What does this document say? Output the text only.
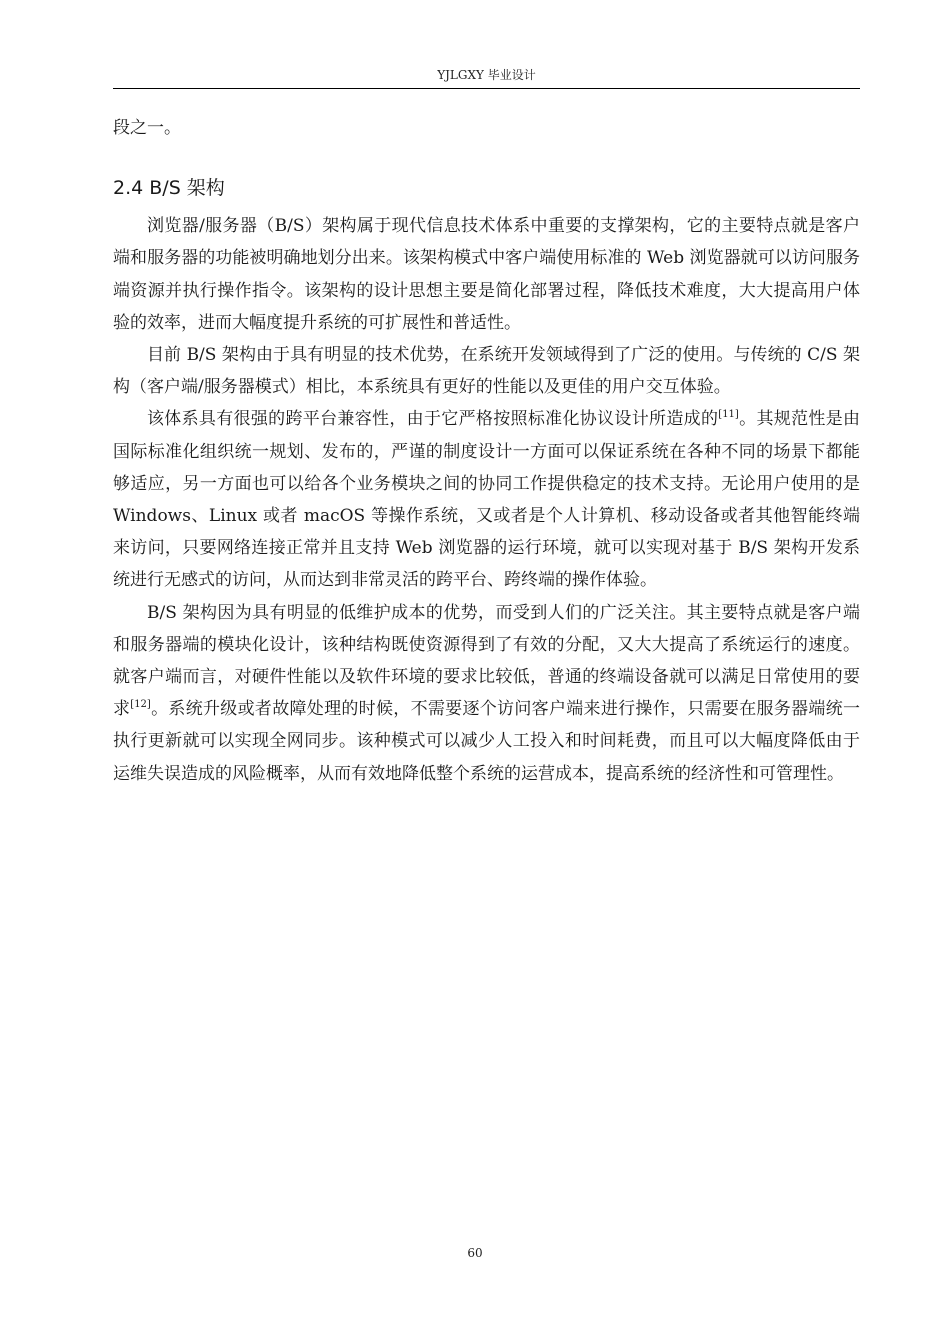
YJLGXY 毕业设计

段之一。

2.4 B/S 架构

浏览器/服务器（B/S）架构属于现代信息技术体系中重要的支撑架构，它的主要特点就是客户端和服务器的功能被明确地划分出来。该架构模式中客户端使用标准的 Web 浏览器就可以访问服务端资源并执行操作指令。该架构的设计思想主要是简化部署过程，降低技术难度，大大提高用户体验的效率，进而大幅度提升系统的可扩展性和普适性。

目前 B/S 架构由于具有明显的技术优势，在系统开发领域得到了广泛的使用。与传统的 C/S 架构（客户端/服务器模式）相比，本系统具有更好的性能以及更佳的用户交互体验。

该体系具有很强的跨平台兼容性，由于它严格按照标准化协议设计所造成的[11]。其规范性是由国际标准化组织统一规划、发布的，严谨的制度设计一方面可以保证系统在各种不同的场景下都能够适应，另一方面也可以给各个业务模块之间的协同工作提供稳定的技术支持。无论用户使用的是 Windows、Linux 或者 macOS 等操作系统，又或者是个人计算机、移动设备或者其他智能终端来访问，只要网络连接正常并且支持 Web 浏览器的运行环境，就可以实现对基于 B/S 架构开发系统进行无感式的访问，从而达到非常灵活的跨平台、跨终端的操作体验。

B/S 架构因为具有明显的低维护成本的优势，而受到人们的广泛关注。其主要特点就是客户端和服务器端的模块化设计，该种结构既使资源得到了有效的分配，又大大提高了系统运行的速度。就客户端而言，对硬件性能以及软件环境的要求比较低，普通的终端设备就可以满足日常使用的要求[12]。系统升级或者故障处理的时候，不需要逐个访问客户端来进行操作，只需要在服务器端统一执行更新就可以实现全网同步。该种模式可以减少人工投入和时间耗费，而且可以大幅度降低由于运维失误造成的风险概率，从而有效地降低整个系统的运营成本，提高系统的经济性和可管理性。

60
